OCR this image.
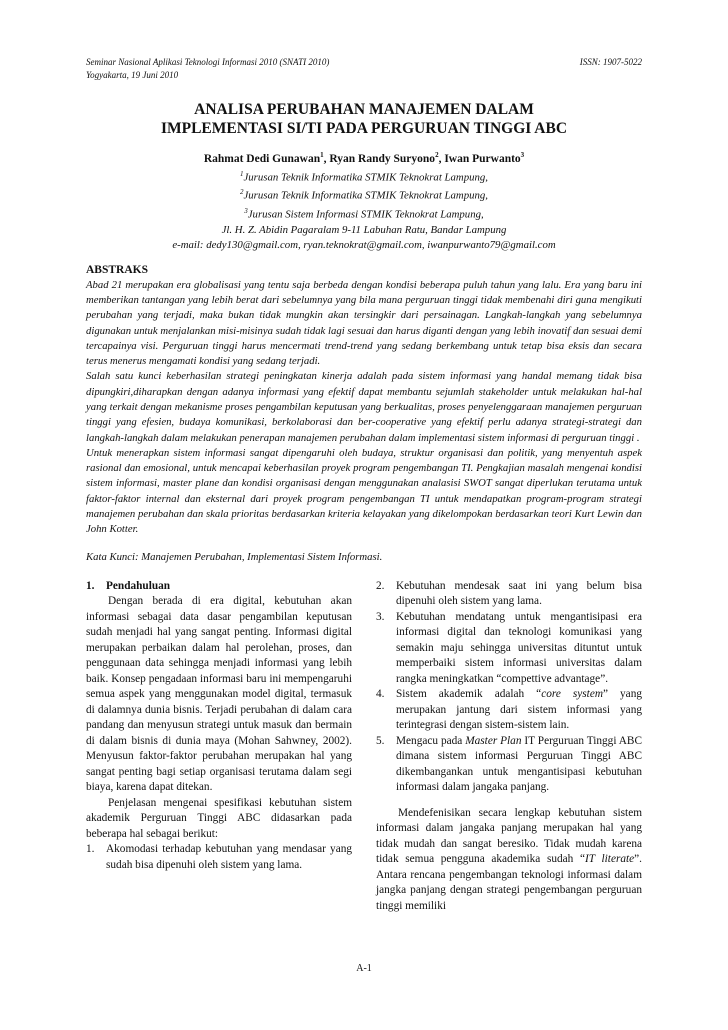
Seminar Nasional Aplikasi Teknologi Informasi 2010 (SNATI 2010)
Yogyakarta, 19 Juni 2010
ISSN: 1907-5022
ANALISA PERUBAHAN MANAJEMEN DALAM
IMPLEMENTASI SI/TI PADA PERGURUAN TINGGI ABC
Rahmat Dedi Gunawan$^1$, Ryan Randy Suryono$^2$, Iwan Purwanto$^3$
$^1$Jurusan Teknik Informatika STMIK Teknokrat Lampung,
$^2$Jurusan Teknik Informatika STMIK Teknokrat Lampung,
$^3$Jurusan Sistem Informasi STMIK Teknokrat Lampung,
Jl. H. Z. Abidin Pagaralam 9-11 Labuhan Ratu, Bandar Lampung
e-mail: dedy130@gmail.com, ryan.teknokrat@gmail.com, iwanpurwanto79@gmail.com
ABSTRAKS

Abad 21 merupakan era globalisasi yang tentu saja berbeda dengan kondisi beberapa puluh tahun yang lalu. Era yang baru ini memberikan tantangan yang lebih berat dari sebelumnya yang bila mana perguruan tinggi tidak membenahi diri guna mengikuti perubahan yang terjadi, maka bukan tidak mungkin akan tersingkir dari persainagan. Langkah-langkah yang sebelumnya digunakan untuk menjalankan misi-misinya sudah tidak lagi sesuai dan harus diganti dengan yang lebih inovatif dan sesuai demi tercapainya visi. Perguruan tinggi harus mencermati trend-trend yang sedang berkembang untuk tetap bisa eksis dan secara terus menerus mengamati kondisi yang sedang terjadi.

Salah satu kunci keberhasilan strategi peningkatan kinerja adalah pada sistem informasi yang handal memang tidak bisa dipungkiri,diharapkan dengan adanya informasi yang efektif dapat membantu sejumlah stakeholder untuk melakukan hal-hal yang terkait dengan mekanisme proses pengambilan keputusan yang berkualitas, proses penyelenggaraan manajemen perguruan tinggi yang efesien, budaya komunikasi, berkolaborasi dan ber-cooperative yang efektif perlu adanya strategi-strategi dan langkah-langkah dalam melakukan penerapan manajemen perubahan dalam implementasi sistem informasi di perguruan tinggi .

Untuk menerapkan sistem informasi sangat dipengaruhi oleh budaya, struktur organisasi dan politik, yang menyentuh aspek rasional dan emosional, untuk mencapai keberhasilan proyek program pengembangan TI. Pengkajian masalah mengenai kondisi sistem informasi, master plane dan kondisi organisasi dengan menggunakan analasisi SWOT sangat diperlukan terutama untuk faktor-faktor internal dan eksternal dari proyek program pengembangan TI untuk mendapatkan program-program strategi manajemen perubahan dan skala prioritas berdasarkan kriteria kelayakan yang dikelompokan berdasarkan teori Kurt Lewin dan John Kotter.

Kata Kunci: Manajemen Perubahan, Implementasi Sistem Informasi.
1.	Pendahuluan

Dengan berada di era digital, kebutuhan akan informasi sebagai data dasar pengambilan keputusan sudah menjadi hal yang sangat penting. Informasi digital merupakan perbaikan dalam hal perolehan, proses, dan penggunaan data sehingga menjadi informasi yang lebih baik. Konsep pengadaan informasi baru ini mempengaruhi semua aspek yang menggunakan model digital, termasuk di dalamnya dunia bisnis. Terjadi perubahan di dalam cara pandang dan menyusun strategi untuk masuk dan bermain di dalam bisnis di dunia maya (Mohan Sahwney, 2002). Menyusun faktor-faktor perubahan merupakan hal yang sangat penting bagi setiap organisasi terutama dalam segi biaya, karena dapat ditekan.

Penjelasan mengenai spesifikasi kebutuhan sistem akademik Perguruan Tinggi ABC didasarkan pada beberapa hal sebagai berikut:

1.	Akomodasi terhadap kebutuhan yang mendasar yang sudah bisa dipenuhi oleh sistem yang lama.
2.	Kebutuhan mendesak saat ini yang belum bisa dipenuhi oleh sistem yang lama.
3.	Kebutuhan mendatang untuk mengantisipasi era informasi digital dan teknologi komunikasi yang semakin maju sehingga universitas dituntut untuk memperbaiki sistem informasi universitas dalam rangka meningkatkan “compettive advantage”.
4.	Sistem akademik adalah “core system” yang merupakan jantung dari sistem informasi yang terintegrasi dengan sistem-sistem lain.
5.	Mengacu pada Master Plan IT Perguruan Tinggi ABC dimana sistem informasi Perguruan Tinggi ABC dikembangankan untuk mengantisipasi kebutuhan informasi dalam jangaka panjang.

Mendefenisikan secara lengkap kebutuhan sistem informasi dalam jangaka panjang merupakan hal yang tidak mudah dan sangat beresiko. Tidak mudah karena tidak semua pengguna akademika sudah “IT literate”. Antara rencana pengembangan teknologi informasi dalam jangka panjang dengan strategi pengembangan perguruan tinggi memiliki

A-1
